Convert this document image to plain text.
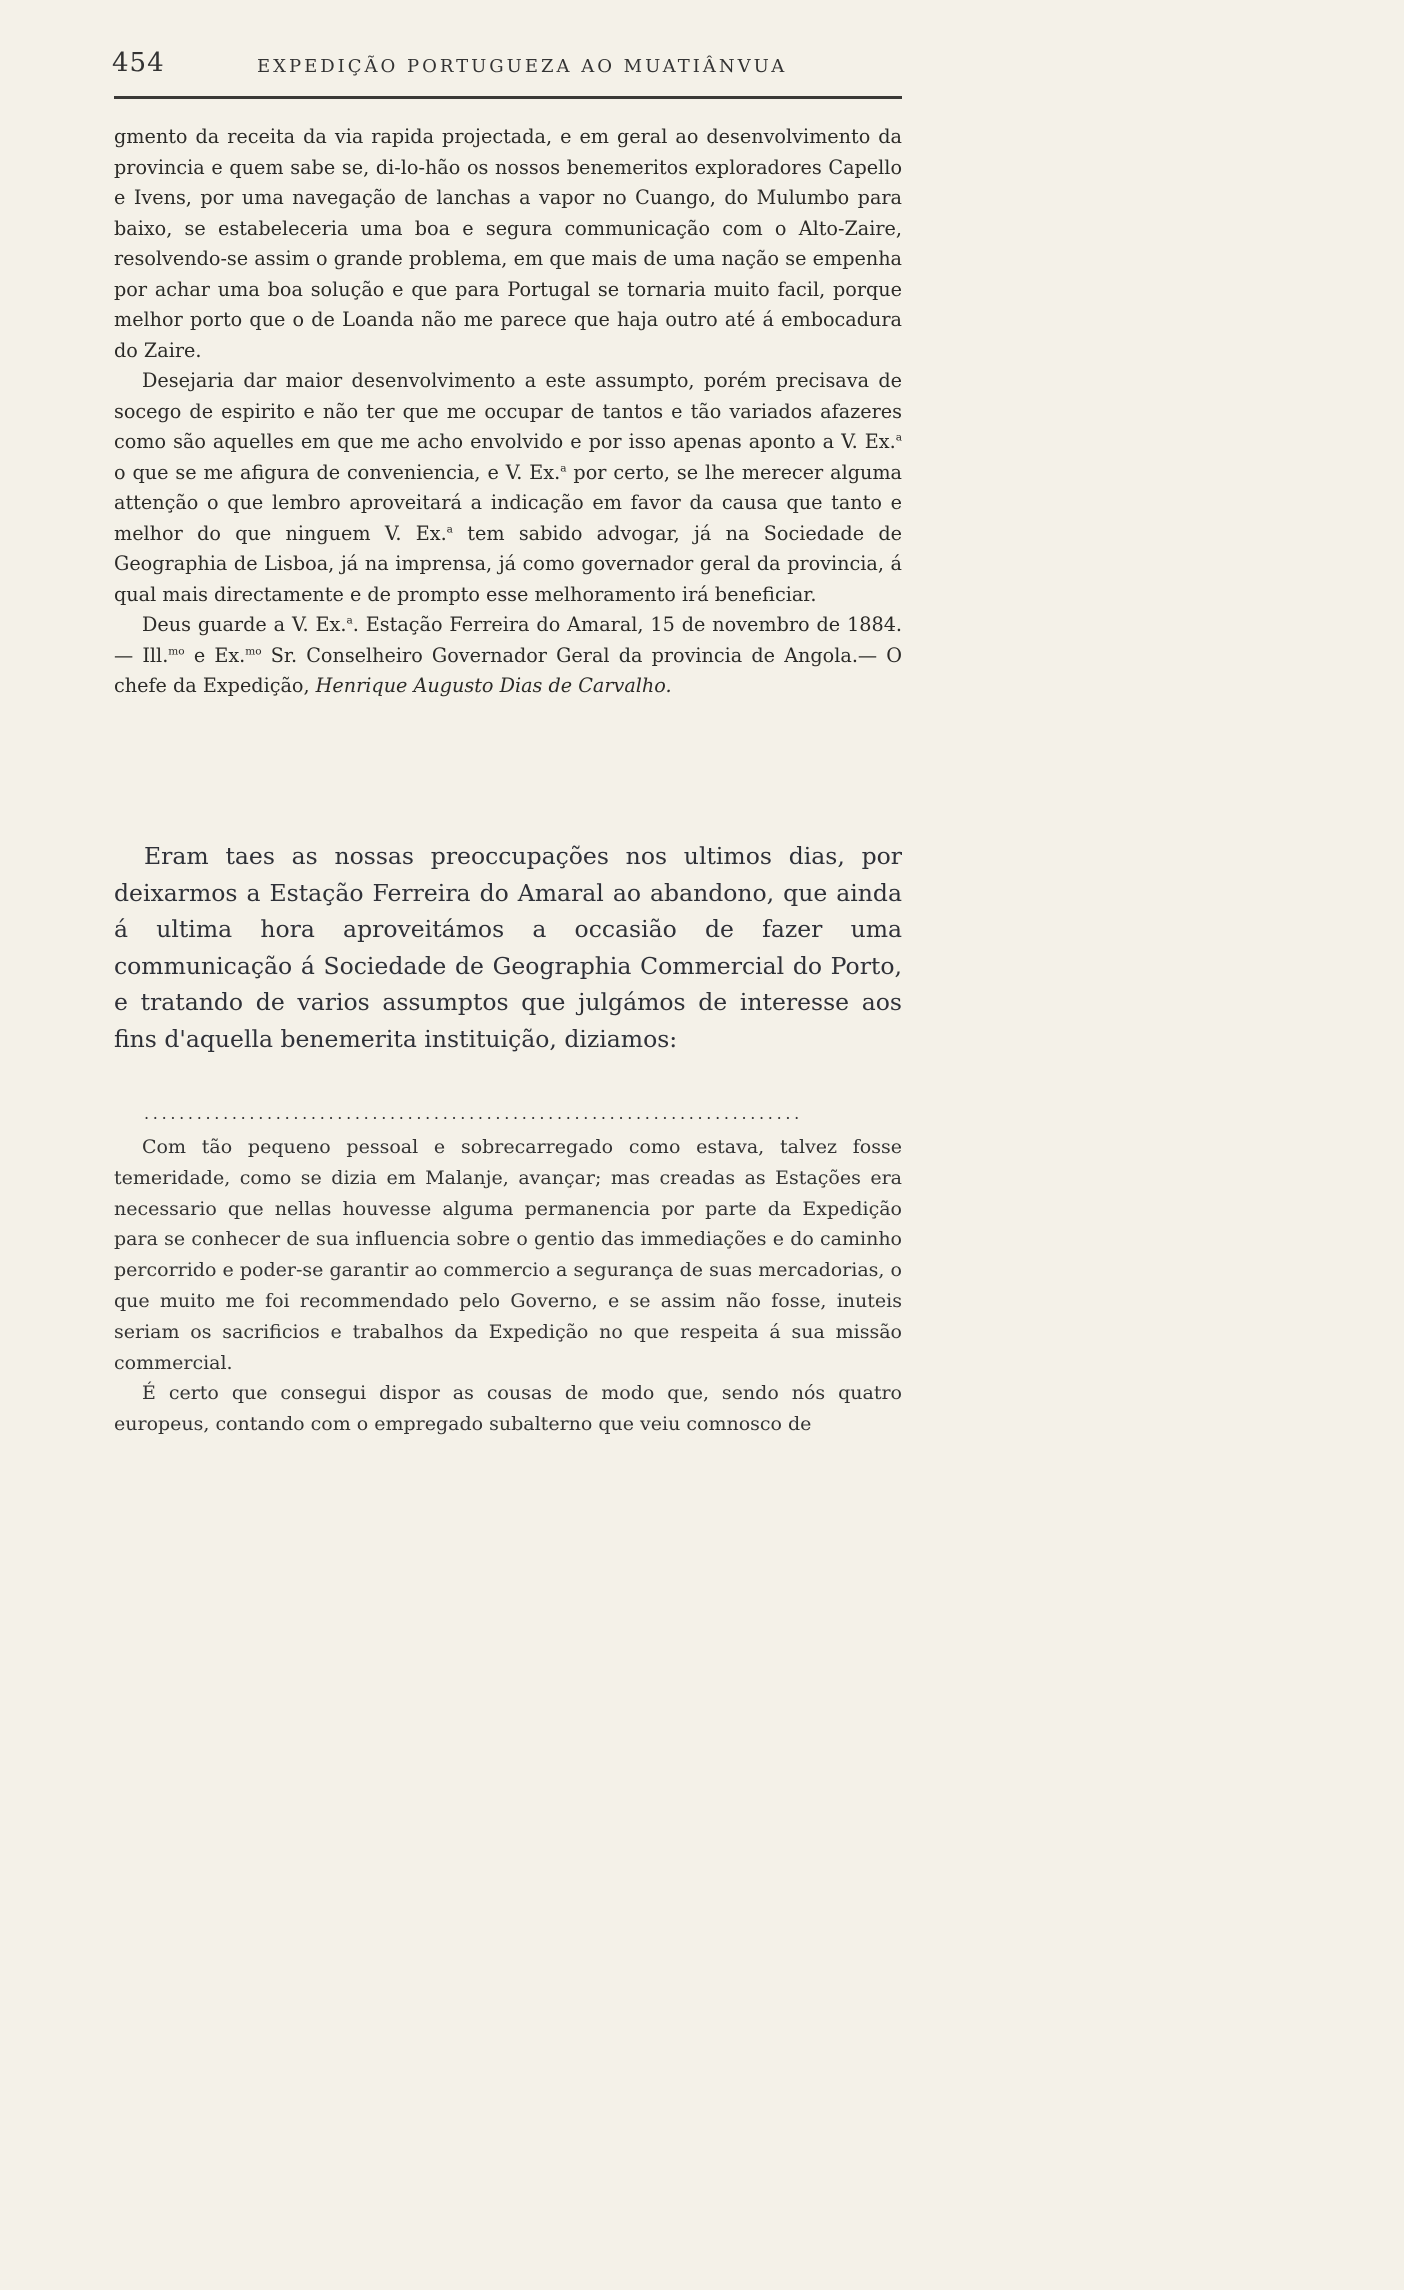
454	EXPEDIÇÃO PORTUGUEZA AO MUATIÂNVUA

gmento da receita da via rapida projectada, e em geral ao desenvolvimento da provincia e quem sabe se, di-lo-hão os nossos benemeritos exploradores Capello e Ivens, por uma navegação de lanchas a vapor no Cuango, do Mulumbo para baixo, se estabeleceria uma boa e segura communicação com o Alto-Zaire, resolvendo-se assim o grande problema, em que mais de uma nação se empenha por achar uma boa solução e que para Portugal se tornaria muito facil, porque melhor porto que o de Loanda não me parece que haja outro até á embocadura do Zaire.

Desejaria dar maior desenvolvimento a este assumpto, porém precisava de socego de espirito e não ter que me occupar de tantos e tão variados afazeres como são aquelles em que me acho envolvido e por isso apenas aponto a V. Ex.$^a$ o que se me afigura de conveniencia, e V. Ex.$^a$ por certo, se lhe merecer alguma attenção o que lembro aproveitará a indicação em favor da causa que tanto e melhor do que ninguem V. Ex.$^a$ tem sabido advogar, já na Sociedade de Geographia de Lisboa, já na imprensa, já como governador geral da provincia, á qual mais directamente e de prompto esse melhoramento irá beneficiar.

Deus guarde a V. Ex.$^a$. Estação Ferreira do Amaral, 15 de novembro de 1884.— Ill.$^{mo}$ e Ex.$^{mo}$ Sr. Conselheiro Governador Geral da provincia de Angola.— O chefe da Expedição, Henrique Augusto Dias de Carvalho.

Eram taes as nossas preoccupações nos ultimos dias, por deixarmos a Estação Ferreira do Amaral ao abandono, que ainda á ultima hora aproveitámos a occasião de fazer uma communicação á Sociedade de Geographia Commercial do Porto, e tratando de varios assumptos que julgámos de interesse aos fins d'aquella benemerita instituição, diziamos:

...........................................................................

Com tão pequeno pessoal e sobrecarregado como estava, talvez fosse temeridade, como se dizia em Malanje, avançar; mas creadas as Estações era necessario que nellas houvesse alguma permanencia por parte da Expedição para se conhecer de sua influencia sobre o gentio das immediações e do caminho percorrido e poder-se garantir ao commercio a segurança de suas mercadorias, o que muito me foi recommendado pelo Governo, e se assim não fosse, inuteis seriam os sacrificios e trabalhos da Expedição no que respeita á sua missão commercial.

É certo que consegui dispor as cousas de modo que, sendo nós quatro europeus, contando com o empregado subalterno que veiu comnosco de
